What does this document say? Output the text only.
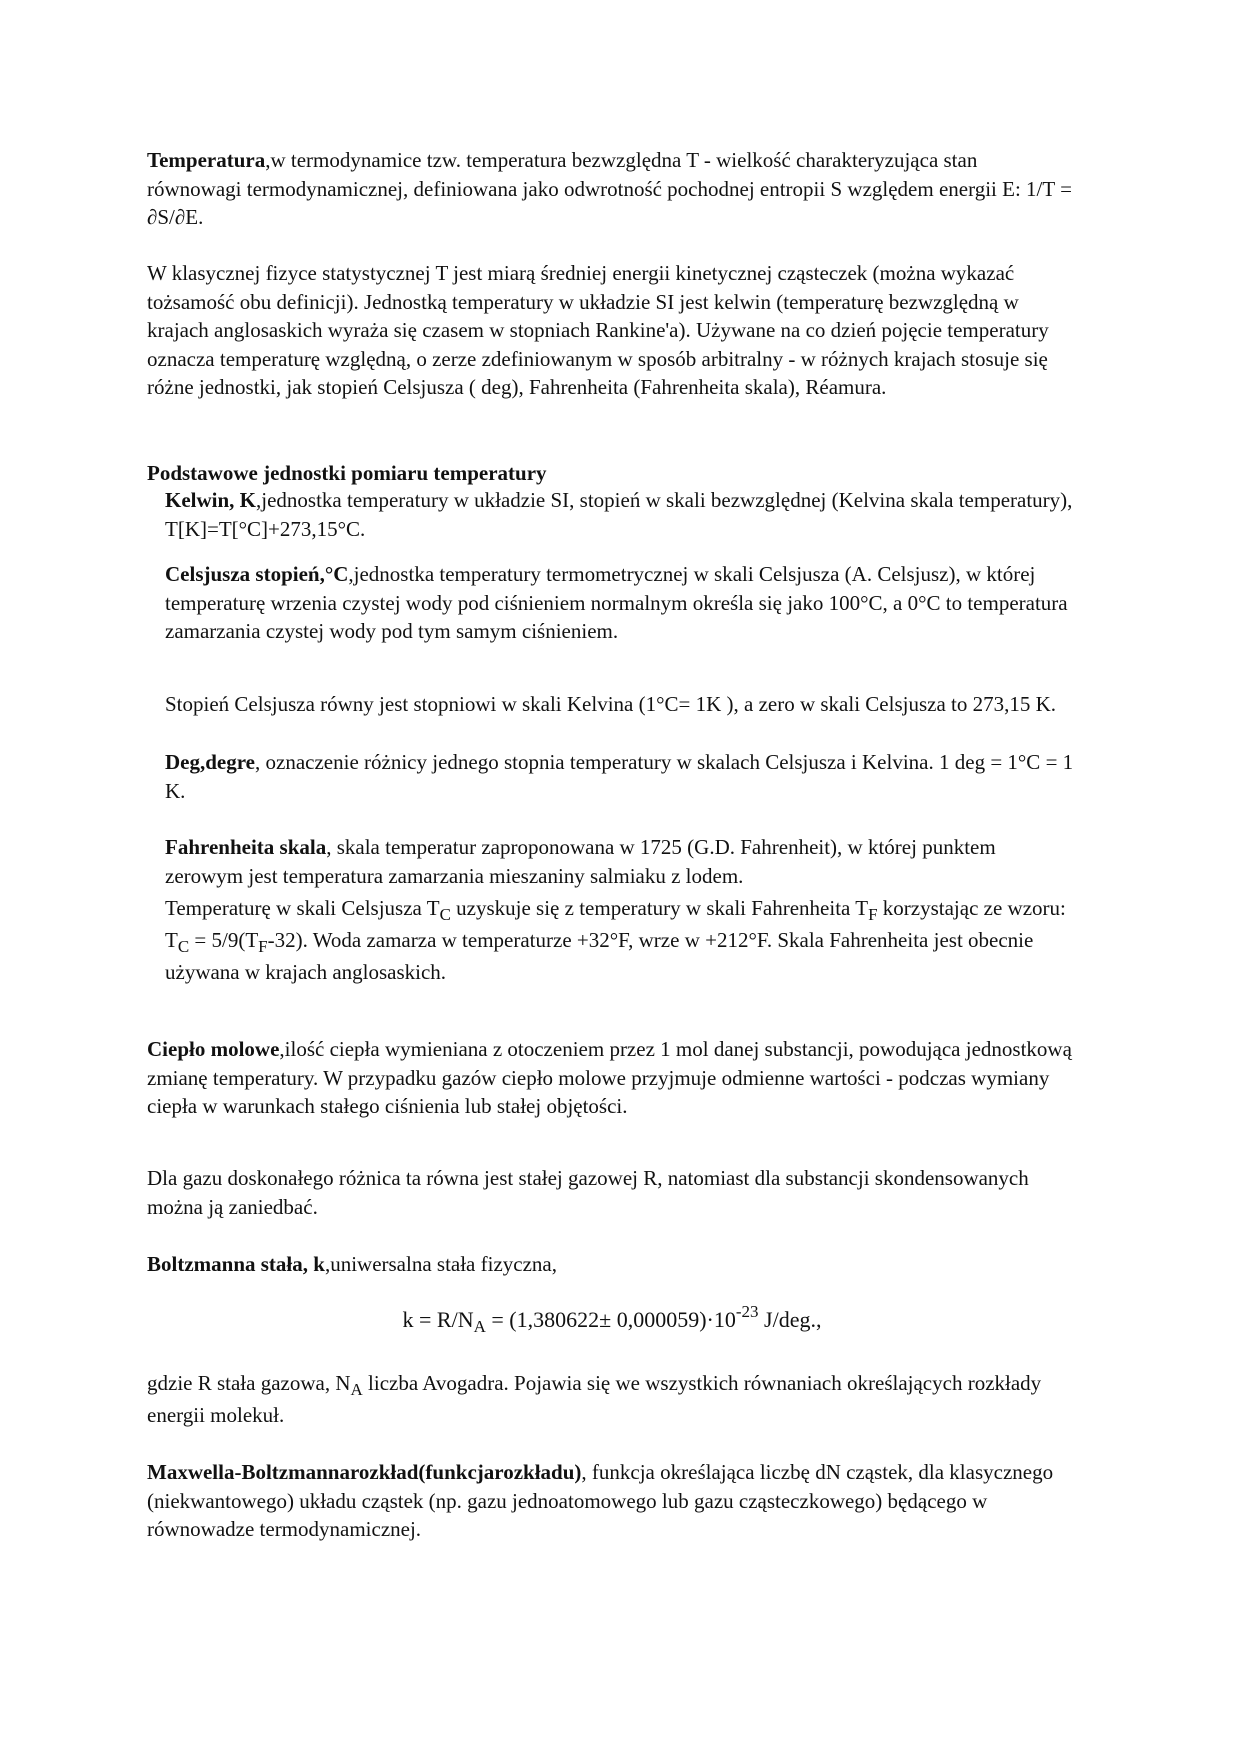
Temperatura,w termodynamice tzw. temperatura bezwzględna T - wielkość charakteryzująca stan równowagi termodynamicznej, definiowana jako odwrotność pochodnej entropii S względem energii E: 1/T = ∂S/∂E.

W klasycznej fizyce statystycznej T jest miarą średniej energii kinetycznej cząsteczek (można wykazać tożsamość obu definicji). Jednostką temperatury w układzie SI jest kelwin (temperaturę bezwzględną w krajach anglosaskich wyraża się czasem w stopniach Rankine'a). Używane na co dzień pojęcie temperatury oznacza temperaturę względną, o zerze zdefiniowanym w sposób arbitralny - w różnych krajach stosuje się różne jednostki, jak stopień Celsjusza ( deg), Fahrenheita (Fahrenheita skala), Réamura.

Podstawowe jednostki pomiaru temperatury

Kelwin, K,jednostka temperatury w układzie SI, stopień w skali bezwzględnej (Kelvina skala temperatury), T[K]=T[°C]+273,15°C.

Celsjusza stopień,°C,jednostka temperatury termometrycznej w skali Celsjusza (A. Celsjusz), w której temperaturę wrzenia czystej wody pod ciśnieniem normalnym określa się jako 100°C, a 0°C to temperatura zamarzania czystej wody pod tym samym ciśnieniem.

Stopień Celsjusza równy jest stopniowi w skali Kelvina (1°C= 1K ), a zero w skali Celsjusza to 273,15 K.

Deg,degre, oznaczenie różnicy jednego stopnia temperatury w skalach Celsjusza i Kelvina. 1 deg = 1°C = 1 K.

Fahrenheita skala, skala temperatur zaproponowana w 1725 (G.D. Fahrenheit), w której punktem zerowym jest temperatura zamarzania mieszaniny salmiaku z lodem.
Temperaturę w skali Celsjusza $T_C$ uzyskuje się z temperatury w skali Fahrenheita $T_F$ korzystając ze wzoru: $T_C = 5/9(T_F-32)$. Woda zamarza w temperaturze +32°F, wrze w +212°F. Skala Fahrenheita jest obecnie używana w krajach anglosaskich.

Ciepło molowe,ilość ciepła wymieniana z otoczeniem przez 1 mol danej substancji, powodująca jednostkową zmianę temperatury. W przypadku gazów ciepło molowe przyjmuje odmienne wartości - podczas wymiany ciepła w warunkach stałego ciśnienia lub stałej objętości.

Dla gazu doskonałego różnica ta równa jest stałej gazowej R, natomiast dla substancji skondensowanych można ją zaniedbać.

Boltzmanna stała, k,uniwersalna stała fizyczna,

$k = R/N_A = (1,380622\pm 0,000059)\cdot 10^{-23}$ J/deg.,

gdzie R stała gazowa, $N_A$ liczba Avogadra. Pojawia się we wszystkich równaniach określających rozkłady energii molekuł.

Maxwella-Boltzmannarozkład(funkcjarozkładu), funkcja określająca liczbę dN cząstek, dla klasycznego (niekwantowego) układu cząstek (np. gazu jednoatomowego lub gazu cząsteczkowego) będącego w równowadze termodynamicznej.
